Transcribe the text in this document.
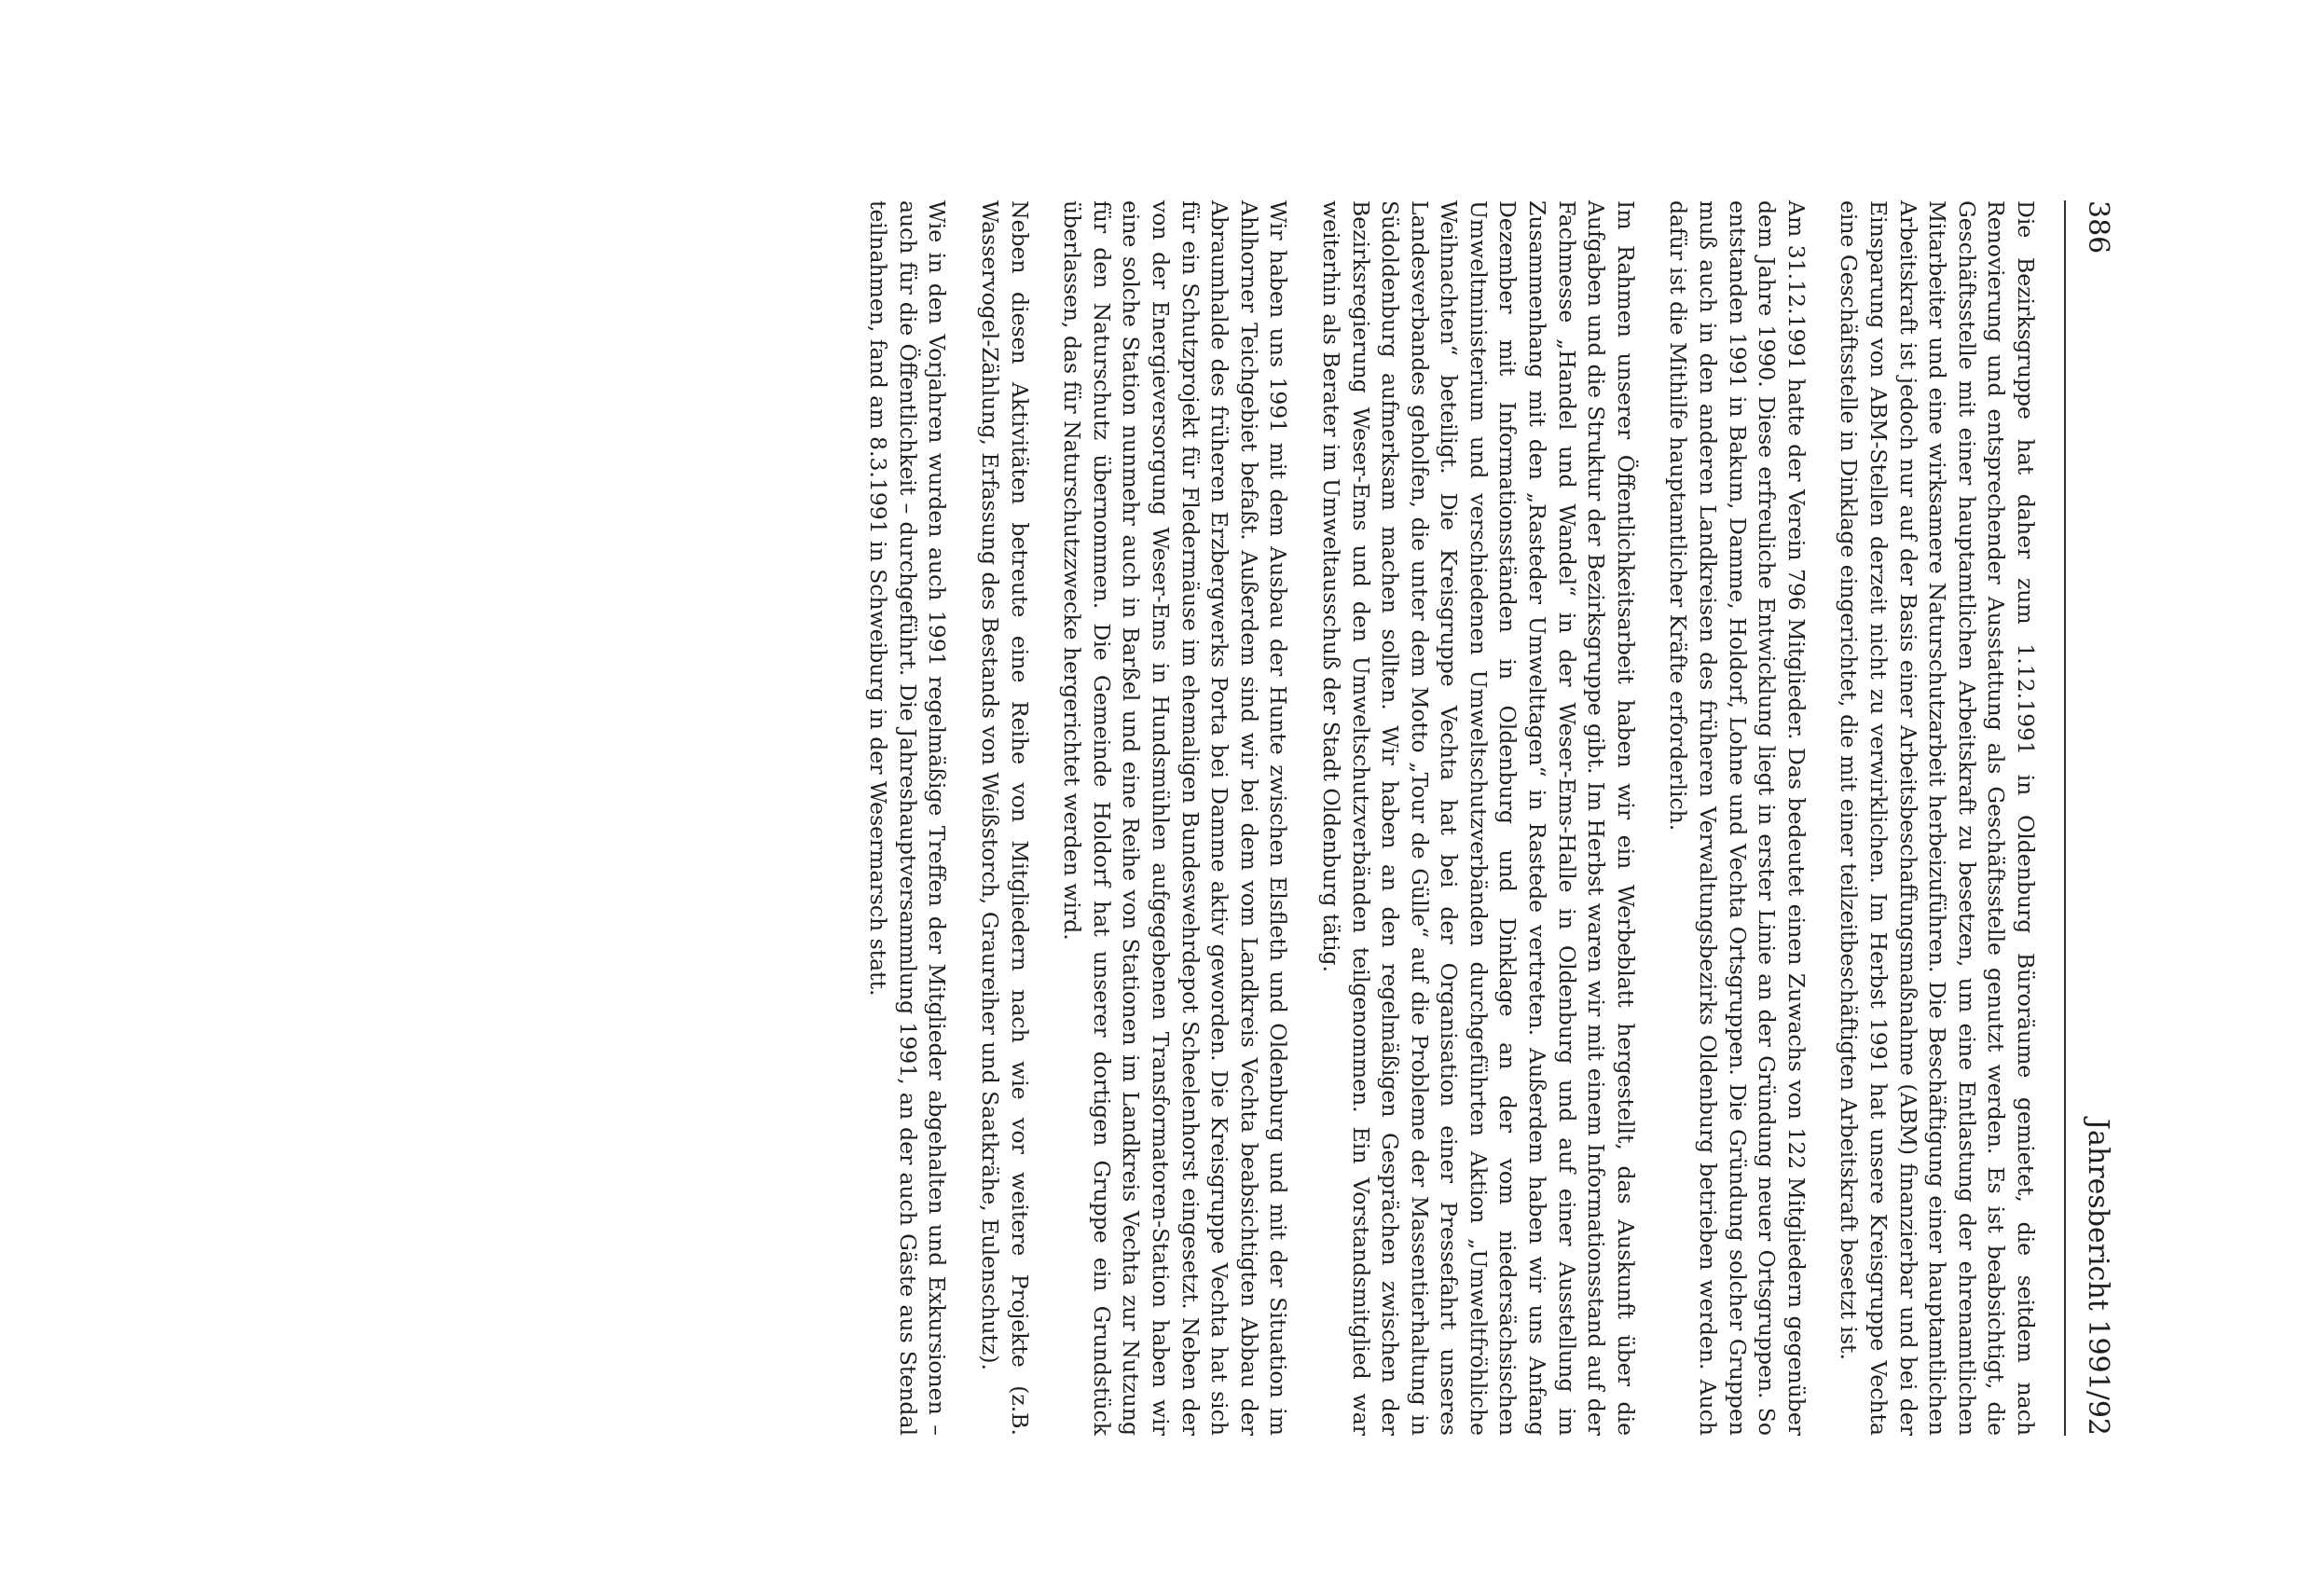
386
Jahresbericht 1991/92

Die Bezirksgruppe hat daher zum 1.12.1991 in Oldenburg Büroräume gemietet, die seitdem nach Renovierung und entsprechender Ausstattung als Geschäftsstelle genutzt werden. Es ist beabsichtigt, die Geschäftsstelle mit einer hauptamtlichen Arbeitskraft zu besetzen, um eine Entlastung der ehrenamtlichen Mitarbeiter und eine wirksamere Naturschutzarbeit herbeizuführen. Die Beschäftigung einer hauptamtlichen Arbeitskraft ist jedoch nur auf der Basis einer Arbeitsbeschaffungsmaßnahme (ABM) finanzierbar und bei der Einsparung von ABM-Stellen derzeit nicht zu verwirklichen. Im Herbst 1991 hat unsere Kreisgruppe Vechta eine Geschäftsstelle in Dinklage eingerichtet, die mit einer teilzeitbeschäftigten Arbeitskraft besetzt ist.

Am 31.12.1991 hatte der Verein 796 Mitglieder. Das bedeutet einen Zuwachs von 122 Mitgliedern gegenüber dem Jahre 1990. Diese erfreuliche Entwicklung liegt in erster Linie an der Gründung neuer Ortsgruppen. So entstanden 1991 in Bakum, Damme, Holdorf, Lohne und Vechta Ortsgruppen. Die Gründung solcher Gruppen muß auch in den anderen Landkreisen des früheren Verwaltungsbezirks Oldenburg betrieben werden. Auch dafür ist die Mithilfe hauptamtlicher Kräfte erforderlich.

Im Rahmen unserer Öffentlichkeitsarbeit haben wir ein Werbeblatt hergestellt, das Auskunft über die Aufgaben und die Struktur der Bezirksgruppe gibt. Im Herbst waren wir mit einem Informationsstand auf der Fachmesse „Handel und Wandel“ in der Weser-Ems-Halle in Oldenburg und auf einer Ausstellung im Zusammenhang mit den „Rasteder Umwelttagen“ in Rastede vertreten. Außerdem haben wir uns Anfang Dezember mit Informationsständen in Oldenburg und Dinklage an der vom niedersächsischen Umweltministerium und verschiedenen Umweltschutzverbänden durchgeführten Aktion „Umweltfröhliche Weihnachten“ beteiligt. Die Kreisgruppe Vechta hat bei der Organisation einer Pressefahrt unseres Landesverbandes geholfen, die unter dem Motto „Tour de Gülle“ auf die Probleme der Massentierhaltung in Südoldenburg aufmerksam machen sollten. Wir haben an den regelmäßigen Gesprächen zwischen der Bezirksregierung Weser-Ems und den Umweltschutzverbänden teilgenommen. Ein Vorstandsmitglied war weiterhin als Berater im Umweltausschuß der Stadt Oldenburg tätig.

Wir haben uns 1991 mit dem Ausbau der Hunte zwischen Elsfleth und Oldenburg und mit der Situation im Ahlhorner Teichgebiet befaßt. Außerdem sind wir bei dem vom Landkreis Vechta beabsichtigten Abbau der Abraumhalde des früheren Erzbergwerks Porta bei Damme aktiv geworden. Die Kreisgruppe Vechta hat sich für ein Schutzprojekt für Fledermäuse im ehemaligen Bundeswehrdepot Scheelenhorst eingesetzt. Neben der von der Energieversorgung Weser-Ems in Hundsmühlen aufgegebenen Transformatoren-Station haben wir eine solche Station nunmehr auch in Barßel und eine Reihe von Stationen im Landkreis Vechta zur Nutzung für den Naturschutz übernommen. Die Gemeinde Holdorf hat unserer dortigen Gruppe ein Grundstück überlassen, das für Naturschutzzwecke hergerichtet werden wird.

Neben diesen Aktivitäten betreute eine Reihe von Mitgliedern nach wie vor weitere Projekte (z.B. Wasservogel-Zählung, Erfassung des Bestands von Weißstorch, Graureiher und Saatkrähe, Eulenschutz).

Wie in den Vorjahren wurden auch 1991 regelmäßige Treffen der Mitglieder abgehalten und Exkursionen – auch für die Öffentlichkeit – durchgeführt. Die Jahreshauptversammlung 1991, an der auch Gäste aus Stendal teilnahmen, fand am 8.3.1991 in Schweiburg in der Wesermarsch statt.
